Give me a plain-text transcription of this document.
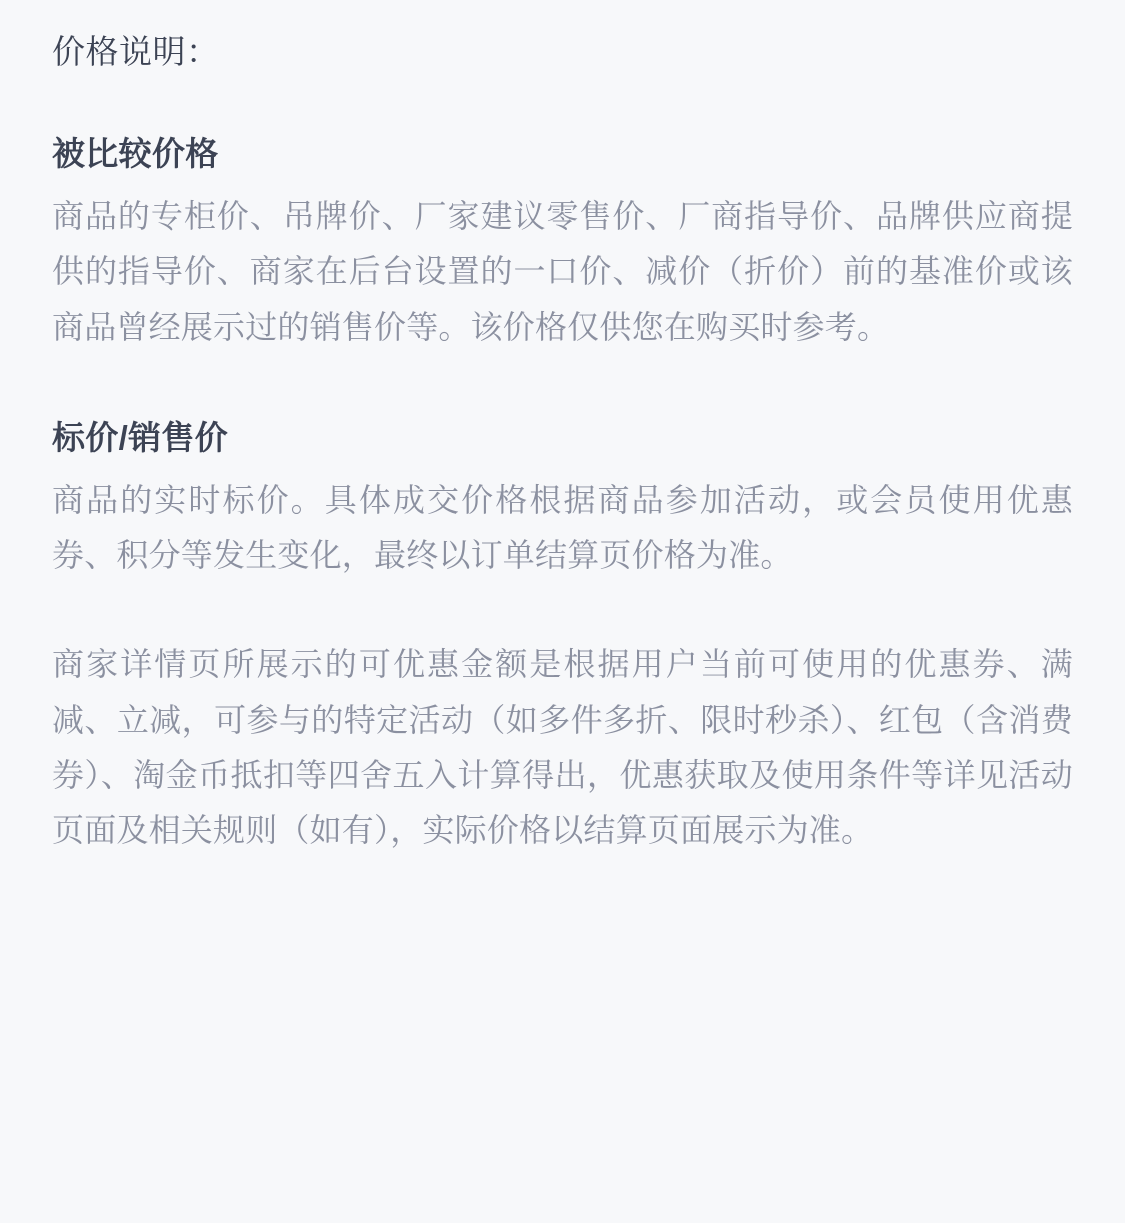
价格说明：
被比较价格

商品的专柜价、吊牌价、厂家建议零售价、厂商指导价、品牌供应商提供的指导价、商家在后台设置的一口价、减价（折价）前的基准价或该商品曾经展示过的销售价等。该价格仅供您在购买时参考。

标价/销售价

商品的实时标价。具体成交价格根据商品参加活动，或会员使用优惠券、积分等发生变化，最终以订单结算页价格为准。

商家详情页所展示的可优惠金额是根据用户当前可使用的优惠券、满减、立减，可参与的特定活动（如多件多折、限时秒杀）、红包（含消费券）、淘金币抵扣等四舍五入计算得出，优惠获取及使用条件等详见活动页面及相关规则（如有），实际价格以结算页面展示为准。
